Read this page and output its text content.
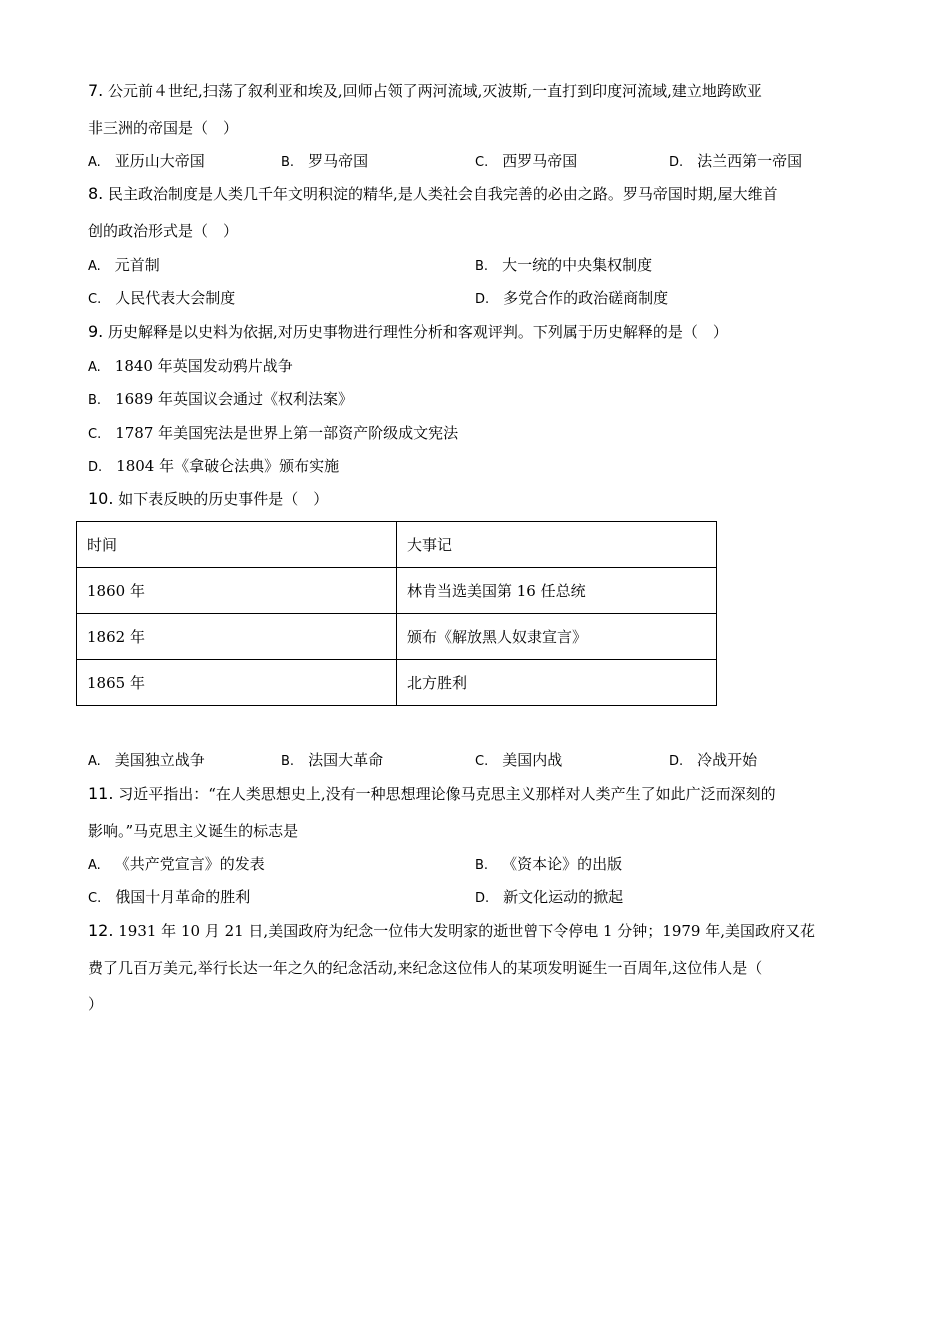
7. 公元前４世纪,扫荡了叙利亚和埃及,回师占领了两河流域,灭波斯,一直打到印度河流域,建立地跨欧亚
非三洲的帝国是（　）
A. 亚历山大帝国	B. 罗马帝国	C. 西罗马帝国	D. 法兰西第一帝国
8. 民主政治制度是人类几千年文明积淀的精华,是人类社会自我完善的必由之路。罗马帝国时期,屋大维首
创的政治形式是（　）
A. 元首制	B. 大一统的中央集权制度
C. 人民代表大会制度	D. 多党合作的政治磋商制度
9. 历史解释是以史料为依据,对历史事物进行理性分析和客观评判。下列属于历史解释的是（　）
A. 1840 年英国发动鸦片战争
B. 1689 年英国议会通过《权利法案》
C. 1787 年美国宪法是世界上第一部资产阶级成文宪法
D. 1804 年《拿破仑法典》颁布实施
10. 如下表反映的历史事件是（　）
时间	大事记
1860 年	林肯当选美国第 16 任总统
1862 年	颁布《解放黑人奴隶宣言》
1865 年	北方胜利
A. 美国独立战争	B. 法国大革命	C. 美国内战	D. 冷战开始
11. 习近平指出：“在人类思想史上,没有一种思想理论像马克思主义那样对人类产生了如此广泛而深刻的
影响。”马克思主义诞生的标志是
A. 《共产党宣言》的发表	B. 《资本论》的出版
C. 俄国十月革命的胜利	D. 新文化运动的掀起
12. 1931 年 10 月 21 日,美国政府为纪念一位伟大发明家的逝世曾下令停电 1 分钟；1979 年,美国政府又花
费了几百万美元,举行长达一年之久的纪念活动,来纪念这位伟人的某项发明诞生一百周年,这位伟人是（
）
